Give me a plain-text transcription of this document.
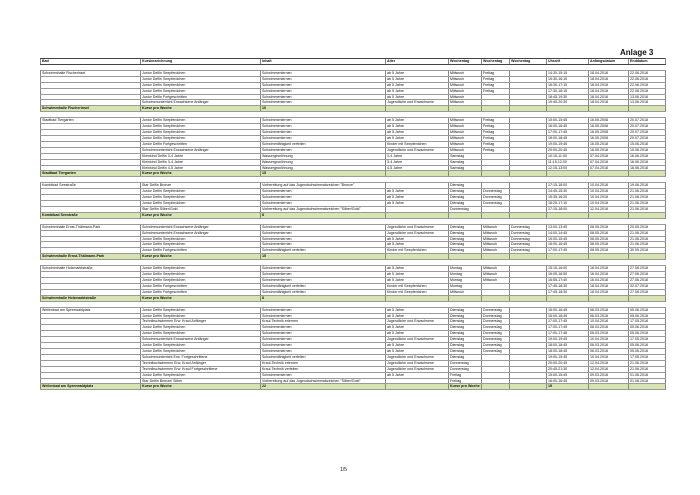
Anlage 3
Bad	Kursbezeichnung	Inhalt	Alter	Wochentag	Wochentag	Wochentag	Uhrzeit	Anfangsdatum	Enddatum

Schwimmhalle Fischerinsel	Junior Delfin Seepferdchen	Schwimmenlernen	ab 5 Jahre	Mittwoch	Freitag		14:30-15:15	18.04.2018	22.06.2018
	Junior Delfin Seepferdchen	Schwimmenlernen	ab 5 Jahre	Mittwoch	Freitag		15:30-16:15	18.04.2018	22.06.2018
	Junior Delfin Seepferdchen	Schwimmenlernen	ab 5 Jahre	Mittwoch	Freitag		16:30-17:15	18.04.2018	22.06.2018
	Junior Delfin Seepferdchen	Schwimmenlernen	ab 5 Jahre	Mittwoch	Freitag		17:30-18:15	18.04.2018	22.06.2018
	Junior Delfin Fortgeschritten	Schwimmenlernen	ab 5 Jahre	Mittwoch			18:45-19:30	18.04.2018	13.06.2018
	Schwimmunterricht Erwachsene Anfänger	Schwimmenlernen	Jugendliche und Erwachsene	Mittwoch			19:45-20:30	18.04.2018	13.06.2018
Schwimmhalle Fischerinsel	Kurse pro Woche	10							

Stadtbad Tiergarten	Junior Delfin Seepferdchen	Schwimmenlernen	ab 5 Jahre	Mittwoch	Freitag		15:00-15:45	16.05.2008	20.07.2018
	Junior Delfin Seepferdchen	Schwimmenlernen	ab 5 Jahre	Mittwoch	Freitag		16:00-16:45	16.05.2008	20.07.2018
	Junior Delfin Seepferdchen	Schwimmenlernen	ab 5 Jahre	Mittwoch	Freitag		17:00-17:45	16.05.2008	20.07.2018
	Junior Delfin Seepferdchen	Schwimmenlernen	ab 5 Jahre	Mittwoch	Freitag		18:00-18:45	16.05.2008	20.07.2018
	Junior Delfin Fortgeschritten	Schwimmfähigkeit verfeilen	Kinder mit Seepferdchen	Mittwoch	Freitag		19:00-19:45	16.05.2018	15.06.2018
	Schwimmunterricht Erwachsene Anfänger	Schwimmenlernen	Jugendliche und Erwachsene	Mittwoch	Freitag		20:00-20:45	16.05.2018	15.06.2018
	Kleinkind Delfin 3-4 Jahre	Wassergewöhnung	3-4 Jahre	Samstag			10:15-11:00	07.04.2018	16.06.2018
	Kleinkind Delfin 3-4 Jahre	Wassergewöhnung	3-4 Jahre	Samstag			11:15-12:00	07.04.2018	16.06.2018
	Kleinkind Delfin 4-5 Jahre	Wassergewöhnung	4-5 Jahre	Samstag			12:15-13:00	07.04.2018	16.06.2018
Stadtbad Tiergarten	Kurse pro Woche	15							

Kombibad Seestraße	Star Delfin Bronze	Vorbereitung auf das Jugendschwimmabzeichen "Bronze"		Dienstag			17:15-18:00	10.04.2018	19.06.2018
	Junior Delfin Seepferdchen	Schwimmenlernen	ab 5 Jahre	Dienstag	Donnerstag		14:45-15:30	10.04.2018	21.06.2018
	Junior Delfin Seepferdchen	Schwimmenlernen	ab 5 Jahre	Dienstag	Donnerstag		15:35-16:20	10.04.2018	21.06.2018
	Junior Delfin Seepferdchen	Schwimmenlernen	ab 5 Jahre	Dienstag	Donnerstag		16:25-17:10	10.04.2018	21.06.2018
	Star Delfin Silber/Gold	Vorbereitung auf das Jugendschwimmabzeichen "Silber/Gold"		Donnerstag			17:15-18:00	12.04.2018	21.06.2018
Kombibad Seestraße	Kurse pro Woche	8							

Schwimmhalle Ernst-Thälmann-Park	Schwimmunterricht Erwachsene Anfänger	Schwimmenlernen	Jugendliche und Erwachsene	Dienstag	Mittwoch	Donnerstag	13:00-13:45	08.05.2018	20.05.2018
	Schwimmunterricht Erwachsene Anfänger	Schwimmenlernen	Jugendliche und Erwachsene	Dienstag	Mittwoch	Donnerstag	14:00-14:45	08.05.2018	21.06.2018
	Junior Delfin Seepferdchen	Schwimmenlernen	ab 5 Jahre	Dienstag	Mittwoch	Donnerstag	15:00-15:45	08.05.2018	21.06.2018
	Junior Delfin Seepferdchen	Schwimmenlernen	ab 5 Jahre	Dienstag	Mittwoch	Donnerstag	16:00-16:45	08.05.2018	21.06.2018
	Junior Delfin Fortgeschritten	Schwimmfähigkeit verfeilen	Kinder mit Seepferdchen	Dienstag	Mittwoch	Donnerstag	17:00-17:45	08.05.2018	30.05.2018
Schwimmhalle Ernst-Thälmann-Park	Kurse pro Woche	15							

Schwimmhalle Holzmarktstraße	Junior Delfin Seepferdchen	Schwimmenlernen	ab 5 Jahre	Montag	Mittwoch		15:15-16:00	16.04.2018	27.06.2018
	Junior Delfin Seepferdchen	Schwimmenlernen	ab 5 Jahre	Montag	Mittwoch		16:05-16:50	16.04.2018	27.06.2018
	Junior Delfin Seepferdchen	Schwimmenlernen	ab 5 Jahre	Montag	Mittwoch		16:55-17:40	16.04.2018	27.06.2018
	Junior Delfin Fortgeschritten	Schwimmfähigkeit verfeilen	Kinder mit Seepferdchen	Montag			17:45-18:30	18.04.2018	02.07.2018
	Junior Delfin Fortgeschritten	Schwimmfähigkeit verfeilen	Kinder mit Seepferdchen	Mittwoch			17:45-18:30	18.04.2018	27.06.2018
Schwimmhalle Holzmarktstraße	Kurse pro Woche	8							

Wellenbad am Spreewaldplatz	Junior Delfin Seepferdchen	Schwimmenlernen	ab 5 Jahre	Dienstag	Donnerstag		16:00-16:45	06.03.2018	05.06.2018
	Junior Delfin Seepferdchen	Schwimmenlernen	ab 5 Jahre	Dienstag	Donnerstag		16:00-16:45	06.03.2018	05.06.2018
	Technikschwimmen Erw. Kraul Anfänger	Kraul-Technik erlernen	Jugendliche und Erwachsene	Dienstag	Donnerstag		17:00-17:45	10.04.2018	17.05.2018
	Junior Delfin Seepferdchen	Schwimmenlernen	ab 5 Jahre	Dienstag	Donnerstag		17:00-17:45	06.03.2018	05.06.2018
	Junior Delfin Seepferdchen	Schwimmenlernen	ab 5 Jahre	Dienstag	Donnerstag		17:00-17:48	06.03.2018	05.06.2018
	Schwimmunterricht Erwachsene Anfänger	Schwimmenlernen	Jugendliche und Erwachsene	Dienstag	Donnerstag		19:00-19:45	10.04.2018	17.05.2018
	Junior Delfin Seepferdchen	Schwimmenlernen	ab 5 Jahre	Dienstag	Donnerstag		18:00-18:45	06.03.2018	05.06.2018
	Junior Delfin Seepferdchen	Schwimmenlernen	ab 5 Jahre	Dienstag	Donnerstag		18:00-18:45	06.03.2018	05.06.2018
	Schwimmunterricht Erw. Fortgeschrittene	Schwimmfähigkeit verfeilen	Jugendliche und Erwachsene	Dienstag			19:00-19:45	10.04.2018	17.05.2018
	Technikschwimmen Erw. Kraul Anfänger	Kraul-Technik erlernen	Jugendliche und Erwachsene	Donnerstag			20:00-20:45	12.04.2018	21.06.2018
	Technikschwimmen Erw. Kraul Fortgeschrittene	Kraul-Technik verfeilen	Jugendliche und Erwachsene	Donnerstag			20:45-21:30	12.04.2018	21.06.2018
	Junior Delfin Seepferdchen	Schwimmenlernen	ab 5 Jahre	Freitag			15:00-15:45	09.03.2018	01.06.2018
	Star Delfin Bronze/ Silber	Vorbereitung auf das Jugendschwimmabzeichen "Silber/Gold"		Freitag			16:00-16:45	09.03.2018	01.06.2018
Wellenbad am Spreewaldplatz	Kurse pro Woche	22		Kurse pro Woche			15		
1/5
